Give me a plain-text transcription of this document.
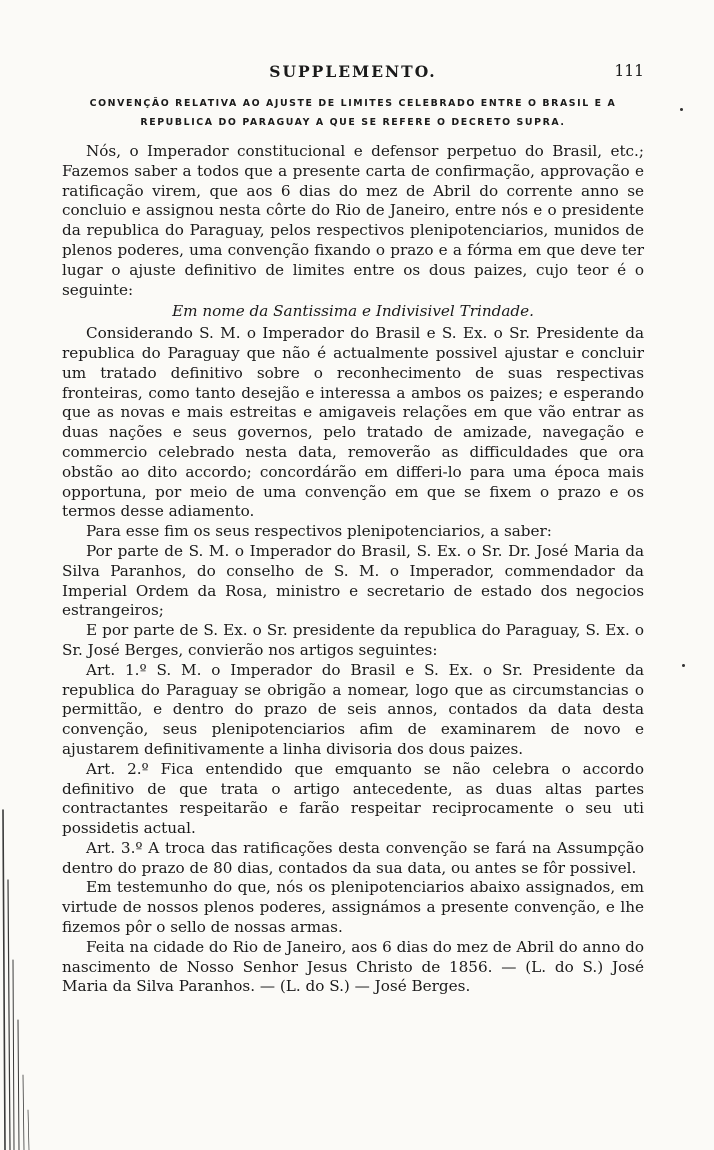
SUPPLEMENTO.	111
CONVENÇÃO RELATIVA AO AJUSTE DE LIMITES CELEBRADO ENTRE O BRASIL E A
REPUBLICA DO PARAGUAY A QUE SE REFERE O DECRETO SUPRA.

Nós, o Imperador constitucional e defensor perpetuo do Brasil, etc.; Fazemos saber a todos que a presente carta de confirmação, approvação e ratificação virem, que aos 6 dias do mez de Abril do corrente anno se concluio e assignou nesta côrte do Rio de Janeiro, entre nós e o presidente da republica do Paraguay, pelos respectivos plenipotenciarios, munidos de plenos poderes, uma convenção fixando o prazo e a fórma em que deve ter lugar o ajuste definitivo de limites entre os dous paizes, cujo teor é o seguinte:

Em nome da Santissima e Indivisivel Trindade.

Considerando S. M. o Imperador do Brasil e S. Ex. o Sr. Presidente da republica do Paraguay que não é actualmente possivel ajustar e concluir um tratado definitivo sobre o reconhecimento de suas respectivas fronteiras, como tanto desejão e interessa a ambos os paizes; e esperando que as novas e mais estreitas e amigaveis relações em que vão entrar as duas nações e seus governos, pelo tratado de amizade, navegação e commercio celebrado nesta data, removerão as difficuldades que ora obstão ao dito accordo; concordárão em differi-lo para uma época mais opportuna, por meio de uma convenção em que se fixem o prazo e os termos desse adiamento.

Para esse fim os seus respectivos plenipotenciarios, a saber:

Por parte de S. M. o Imperador do Brasil, S. Ex. o Sr. Dr. José Maria da Silva Paranhos, do conselho de S. M. o Imperador, commendador da Imperial Ordem da Rosa, ministro e secretario de estado dos negocios estrangeiros;

E por parte de S. Ex. o Sr. presidente da republica do Paraguay, S. Ex. o Sr. José Berges, convierão nos artigos seguintes:

Art. 1.º S. M. o Imperador do Brasil e S. Ex. o Sr. Presidente da republica do Paraguay se obrigão a nomear, logo que as circumstancias o permittão, e dentro do prazo de seis annos, contados da data desta convenção, seus plenipotenciarios afim de examinarem de novo e ajustarem definitivamente a linha divisoria dos dous paizes.

Art. 2.º Fica entendido que emquanto se não celebra o accordo definitivo de que trata o artigo antecedente, as duas altas partes contractantes respeitarão e farão respeitar reciprocamente o seu uti possidetis actual.

Art. 3.º A troca das ratificações desta convenção se fará na Assumpção dentro do prazo de 80 dias, contados da sua data, ou antes se fôr possivel.

Em testemunho do que, nós os plenipotenciarios abaixo assignados, em virtude de nossos plenos poderes, assignámos a presente convenção, e lhe fizemos pôr o sello de nossas armas.

Feita na cidade do Rio de Janeiro, aos 6 dias do mez de Abril do anno do nascimento de Nosso Senhor Jesus Christo de 1856. — (L. do S.) José Maria da Silva Paranhos. — (L. do S.) — José Berges.
